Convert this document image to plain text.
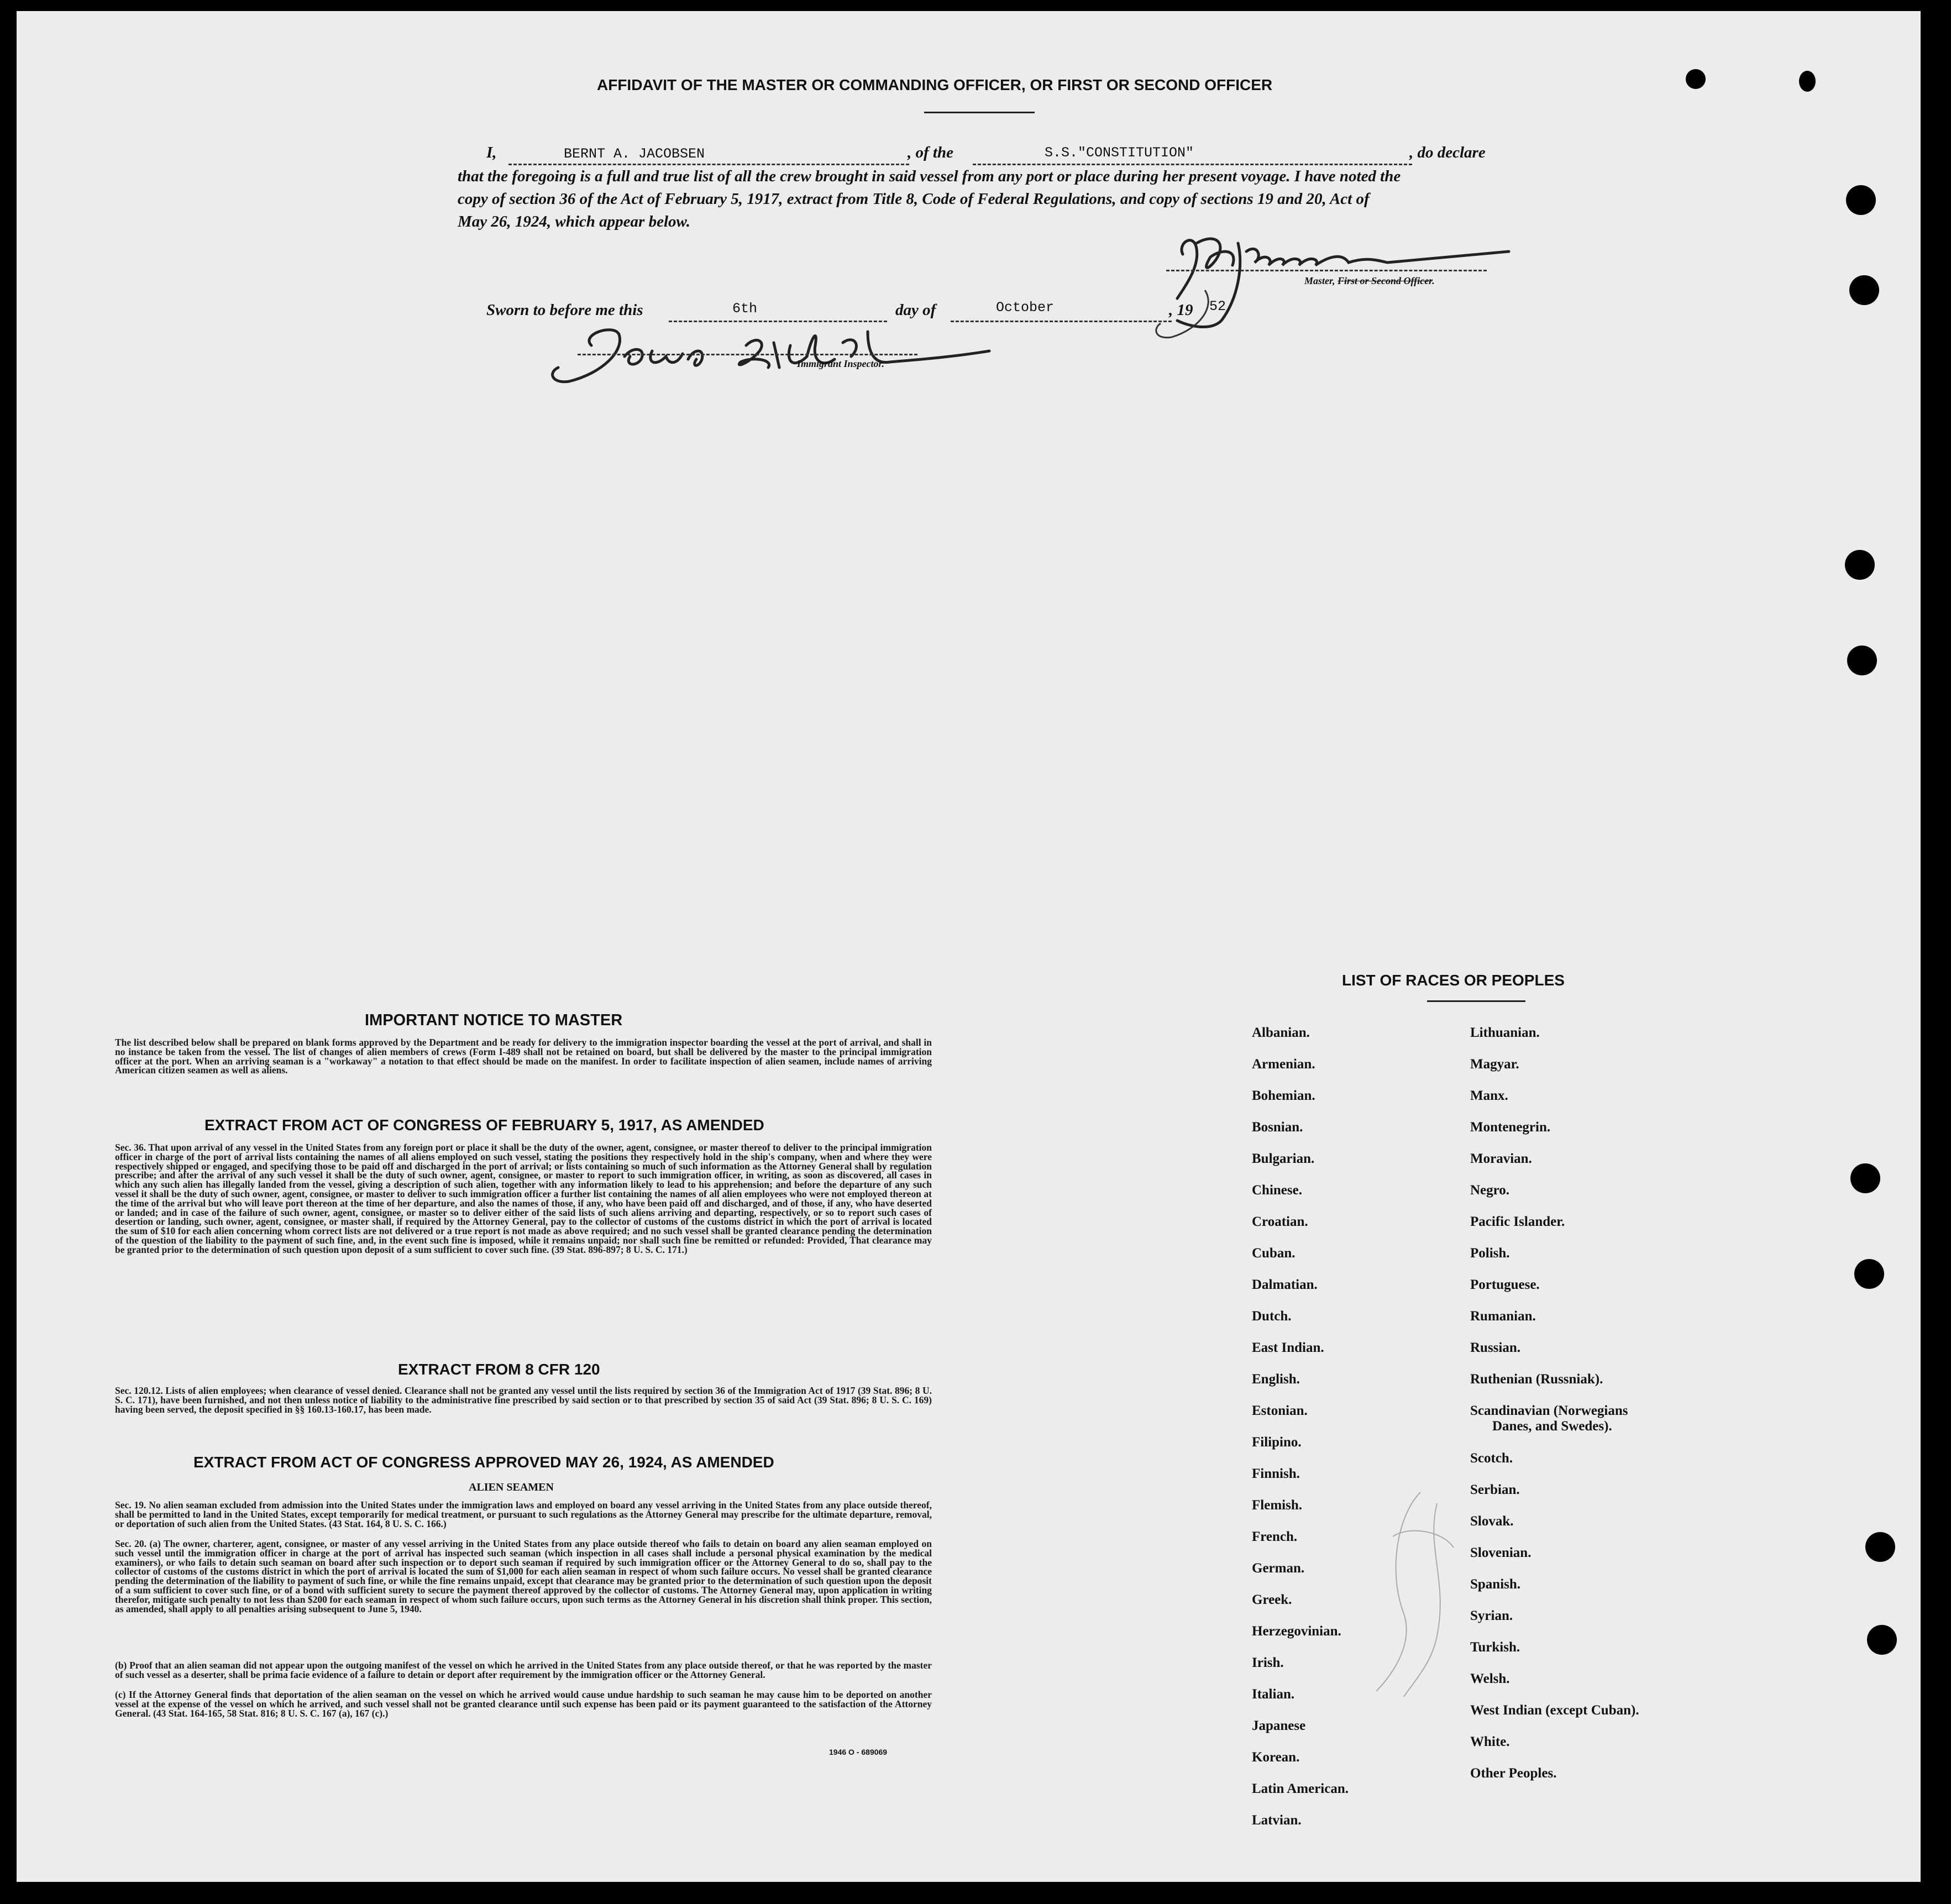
AFFIDAVIT OF THE MASTER OR COMMANDING OFFICER, OR FIRST OR SECOND OFFICER
I,	BERNT A. JACOBSEN	, of the	S.S."CONSTITUTION"	, do declare
that the foregoing is a full and true list of all the crew brought in said vessel from any port or place during her present voyage. I have noted the
copy of section 36 of the Act of February 5, 1917, extract from Title 8, Code of Federal Regulations, and copy of sections 19 and 20, Act of
May 26, 1924, which appear below.
Master, First or Second Officer.
Sworn to before me this	6th	day of	October	, 19 52
Immigrant Inspector.
IMPORTANT NOTICE TO MASTER

The list described below shall be prepared on blank forms approved by the Department and be ready for delivery to the immigration inspector boarding the vessel at the port of arrival, and shall in no instance be taken from the vessel. The list of changes of alien members of crews (Form I-489 shall not be retained on board, but shall be delivered by the master to the principal immigration officer at the port. When an arriving seaman is a "workaway" a notation to that effect should be made on the manifest. In order to facilitate inspection of alien seamen, include names of arriving American citizen seamen as well as aliens.

EXTRACT FROM ACT OF CONGRESS OF FEBRUARY 5, 1917, AS AMENDED

Sec. 36. That upon arrival of any vessel in the United States from any foreign port or place it shall be the duty of the owner, agent, consignee, or master thereof to deliver to the principal immigration officer in charge of the port of arrival lists containing the names of all aliens employed on such vessel, stating the positions they respectively hold in the ship's company, when and where they were respectively shipped or engaged, and specifying those to be paid off and discharged in the port of arrival; or lists containing so much of such information as the Attorney General shall by regulation prescribe; and after the arrival of any such vessel it shall be the duty of such owner, agent, consignee, or master to report to such immigration officer, in writing, as soon as discovered, all cases in which any such alien has illegally landed from the vessel, giving a description of such alien, together with any information likely to lead to his apprehension; and before the departure of any such vessel it shall be the duty of such owner, agent, consignee, or master to deliver to such immigration officer a further list containing the names of all alien employees who were not employed thereon at the time of the arrival but who will leave port thereon at the time of her departure, and also the names of those, if any, who have been paid off and discharged, and of those, if any, who have deserted or landed; and in case of the failure of such owner, agent, consignee, or master so to deliver either of the said lists of such aliens arriving and departing, respectively, or so to report such cases of desertion or landing, such owner, agent, consignee, or master shall, if required by the Attorney General, pay to the collector of customs of the customs district in which the port of arrival is located the sum of $10 for each alien concerning whom correct lists are not delivered or a true report is not made as above required; and no such vessel shall be granted clearance pending the determination of the question of the liability to the payment of such fine, and, in the event such fine is imposed, while it remains unpaid; nor shall such fine be remitted or refunded: Provided, That clearance may be granted prior to the determination of such question upon deposit of a sum sufficient to cover such fine. (39 Stat. 896-897; 8 U. S. C. 171.)

EXTRACT FROM 8 CFR 120

Sec. 120.12. Lists of alien employees; when clearance of vessel denied. Clearance shall not be granted any vessel until the lists required by section 36 of the Immigration Act of 1917 (39 Stat. 896; 8 U. S. C. 171), have been furnished, and not then unless notice of liability to the administrative fine prescribed by said section or to that prescribed by section 35 of said Act (39 Stat. 896; 8 U. S. C. 169) having been served, the deposit specified in §§ 160.13-160.17, has been made.

EXTRACT FROM ACT OF CONGRESS APPROVED MAY 26, 1924, AS AMENDED
ALIEN SEAMEN

Sec. 19. No alien seaman excluded from admission into the United States under the immigration laws and employed on board any vessel arriving in the United States from any place outside thereof, shall be permitted to land in the United States, except temporarily for medical treatment, or pursuant to such regulations as the Attorney General may prescribe for the ultimate departure, removal, or deportation of such alien from the United States. (43 Stat. 164, 8 U. S. C. 166.)

Sec. 20. (a) The owner, charterer, agent, consignee, or master of any vessel arriving in the United States from any place outside thereof who fails to detain on board any alien seaman employed on such vessel until the immigration officer in charge at the port of arrival has inspected such seaman (which inspection in all cases shall include a personal physical examination by the medical examiners), or who fails to detain such seaman on board after such inspection or to deport such seaman if required by such immigration officer or the Attorney General to do so, shall pay to the collector of customs of the customs district in which the port of arrival is located the sum of $1,000 for each alien seaman in respect of whom such failure occurs. No vessel shall be granted clearance pending the determination of the liability to payment of such fine, or while the fine remains unpaid, except that clearance may be granted prior to the determination of such question upon the deposit of a sum sufficient to cover such fine, or of a bond with sufficient surety to secure the payment thereof approved by the collector of customs. The Attorney General may, upon application in writing therefor, mitigate such penalty to not less than $200 for each seaman in respect of whom such failure occurs, upon such terms as the Attorney General in his discretion shall think proper. This section, as amended, shall apply to all penalties arising subsequent to June 5, 1940.

(b) Proof that an alien seaman did not appear upon the outgoing manifest of the vessel on which he arrived in the United States from any place outside thereof, or that he was reported by the master of such vessel as a deserter, shall be prima facie evidence of a failure to detain or deport after requirement by the immigration officer or the Attorney General.

(c) If the Attorney General finds that deportation of the alien seaman on the vessel on which he arrived would cause undue hardship to such seaman he may cause him to be deported on another vessel at the expense of the vessel on which he arrived, and such vessel shall not be granted clearance until such expense has been paid or its payment guaranteed to the satisfaction of the Attorney General. (43 Stat. 164-165, 58 Stat. 816; 8 U. S. C. 167 (a), 167 (c).)

1946 O - 689069
LIST OF RACES OR PEOPLES
Albanian.
Armenian.
Bohemian.
Bosnian.
Bulgarian.
Chinese.
Croatian.
Cuban.
Dalmatian.
Dutch.
East Indian.
English.
Estonian.
Filipino.
Finnish.
Flemish.
French.
German.
Greek.
Herzegovinian.
Irish.
Italian.
Japanese
Korean.
Latin American.
Latvian.
Lithuanian.
Magyar.
Manx.
Montenegrin.
Moravian.
Negro.
Pacific Islander.
Polish.
Portuguese.
Rumanian.
Russian.
Ruthenian (Russniak).
Scandinavian (Norwegians
Danes, and Swedes).
Scotch.
Serbian.
Slovak.
Slovenian.
Spanish.
Syrian.
Turkish.
Welsh.
West Indian (except Cuban).
White.
Other Peoples.
